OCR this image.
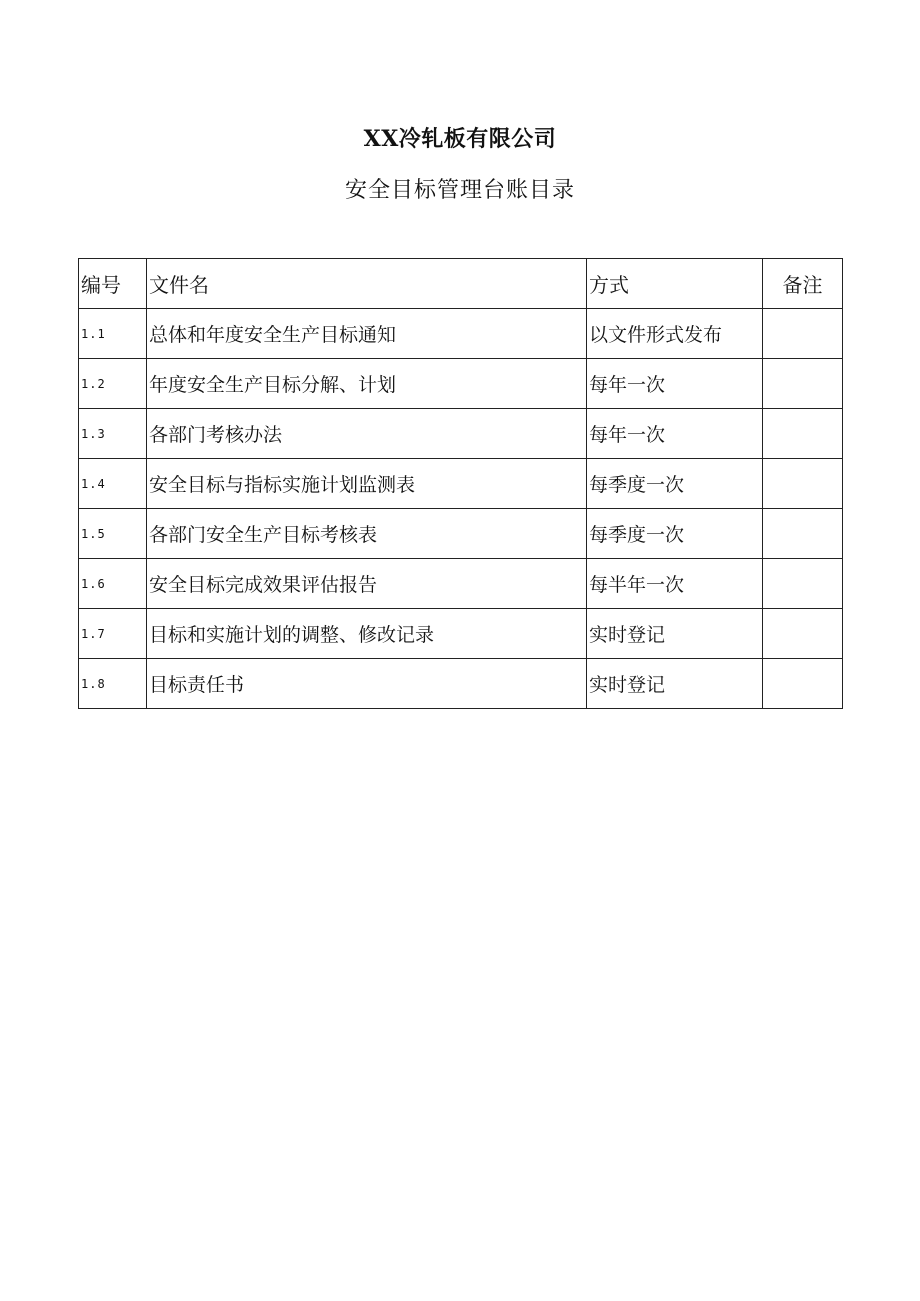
XX冷轧板有限公司
安全目标管理台账目录
编号	文件名	方式	备注
1.1	总体和年度安全生产目标通知	以文件形式发布	
1.2	年度安全生产目标分解、计划	每年一次	
1.3	各部门考核办法	每年一次	
1.4	安全目标与指标实施计划监测表	每季度一次	
1.5	各部门安全生产目标考核表	每季度一次	
1.6	安全目标完成效果评估报告	每半年一次	
1.7	目标和实施计划的调整、修改记录	实时登记	
1.8	目标责任书	实时登记	
